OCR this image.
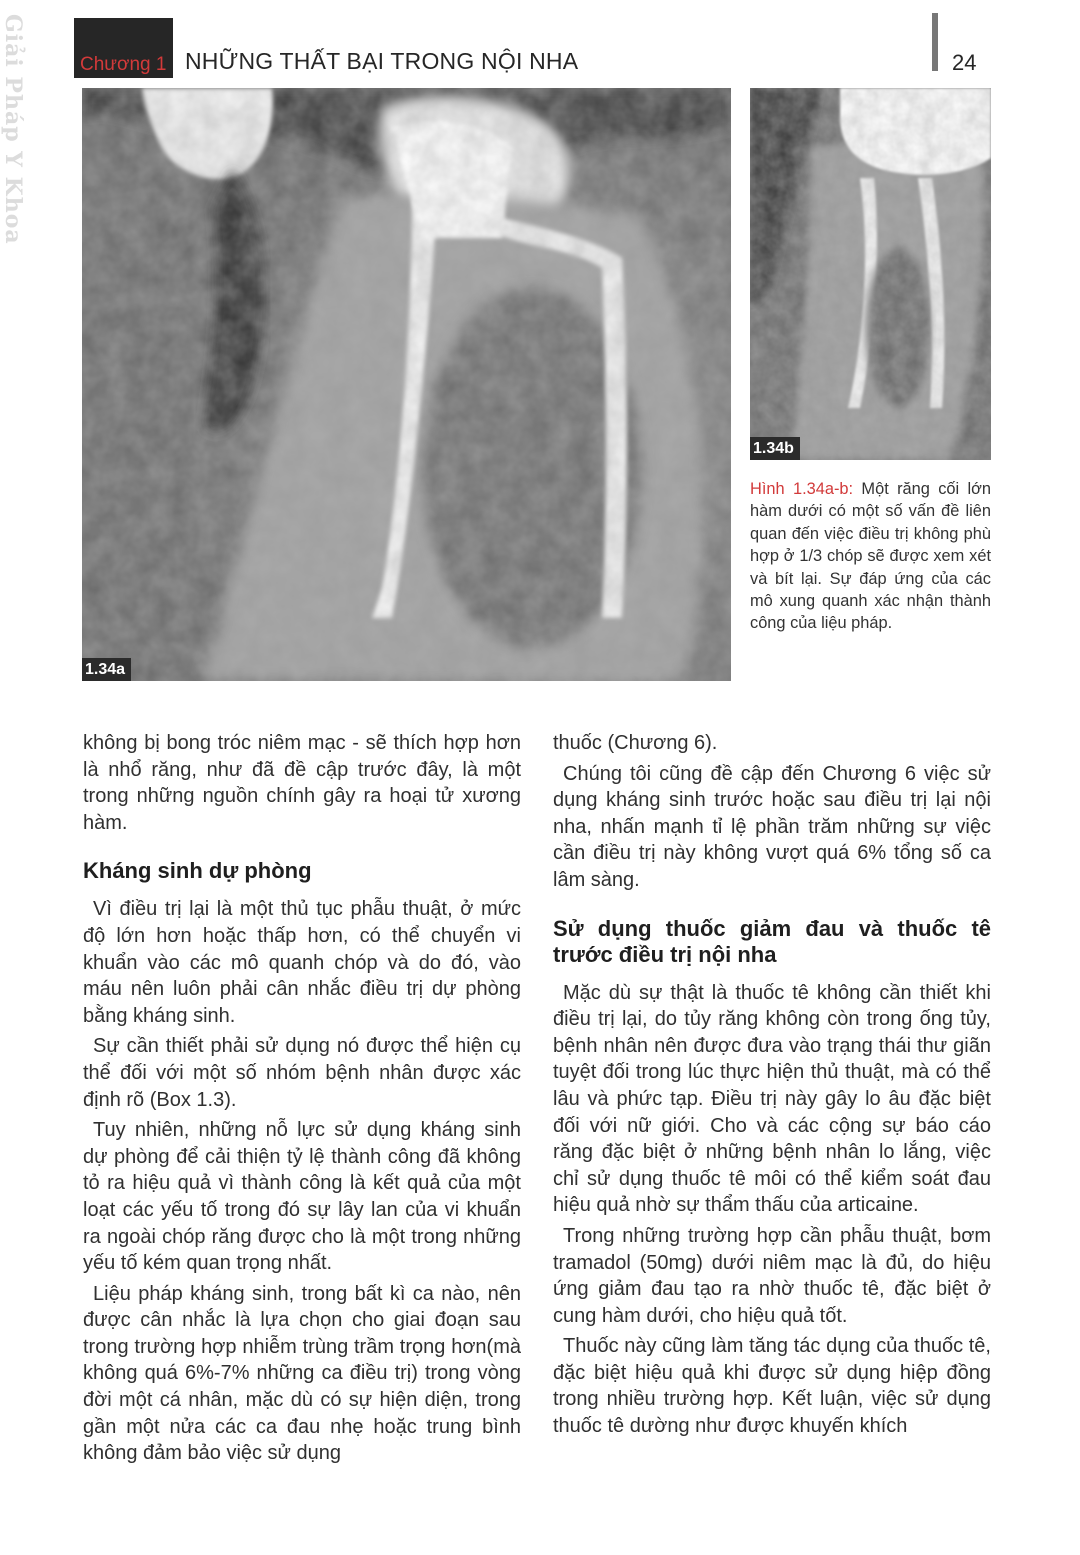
Giải Pháp Y Khoa	Chương 1 NHỮNG THẤT BẠI TRONG NỘI NHA	24
1.34a
1.34b
Hình 1.34a-b: Một răng cối lớn hàm dưới có một số vấn đề liên quan đến việc điều trị không phù hợp ở 1/3 chóp sẽ được xem xét và bít lại. Sự đáp ứng của các mô xung quanh xác nhận thành công của liệu pháp.

không bị bong tróc niêm mạc - sẽ thích hợp hơn là nhổ răng, như đã đề cập trước đây, là một trong những nguồn chính gây ra hoại tử xương hàm.

Kháng sinh dự phòng

Vì điều trị lại là một thủ tục phẫu thuật, ở mức độ lớn hơn hoặc thấp hơn, có thể chuyển vi khuẩn vào các mô quanh chóp và do đó, vào máu nên luôn phải cân nhắc điều trị dự phòng bằng kháng sinh.

Sự cần thiết phải sử dụng nó được thể hiện cụ thể đối với một số nhóm bệnh nhân được xác định rõ (Box 1.3).

Tuy nhiên, những nỗ lực sử dụng kháng sinh dự phòng để cải thiện tỷ lệ thành công đã không tỏ ra hiệu quả vì thành công là kết quả của một loạt các yếu tố trong đó sự lây lan của vi khuẩn ra ngoài chóp răng được cho là một trong những yếu tố kém quan trọng nhất.

Liệu pháp kháng sinh, trong bất kì ca nào, nên được cân nhắc là lựa chọn cho giai đoạn sau trong trường hợp nhiễm trùng trầm trọng hơn(mà không quá 6%-7% những ca điều trị) trong vòng đời một cá nhân, mặc dù có sự hiện diện, trong gần một nửa các ca đau nhẹ hoặc trung bình không đảm bảo việc sử dụng

thuốc (Chương 6).

Chúng tôi cũng đề cập đến Chương 6 việc sử dụng kháng sinh trước hoặc sau điều trị lại nội nha, nhấn mạnh tỉ lệ phần trăm những sự việc cần điều trị này không vượt quá 6% tổng số ca lâm sàng.

Sử dụng thuốc giảm đau và thuốc tê trước điều trị nội nha

Mặc dù sự thật là thuốc tê không cần thiết khi điều trị lại, do tủy răng không còn trong ống tủy, bệnh nhân nên được đưa vào trạng thái thư giãn tuyệt đối trong lúc thực hiện thủ thuật, mà có thể lâu và phức tạp. Điều trị này gây lo âu đặc biệt đối với nữ giới. Cho và các cộng sự báo cáo răng đặc biệt ở những bệnh nhân lo lắng, việc chỉ sử dụng thuốc tê môi có thể kiểm soát đau hiệu quả nhờ sự thẩm thấu của articaine.

Trong những trường hợp cần phẫu thuật, bơm tramadol (50mg) dưới niêm mạc là đủ, do hiệu ứng giảm đau tạo ra nhờ thuốc tê, đặc biệt ở cung hàm dưới, cho hiệu quả tốt.

Thuốc này cũng làm tăng tác dụng của thuốc tê, đặc biệt hiệu quả khi được sử dụng hiệp đồng trong nhiều trường hợp. Kết luận, việc sử dụng thuốc tê dường như được khuyến khích
